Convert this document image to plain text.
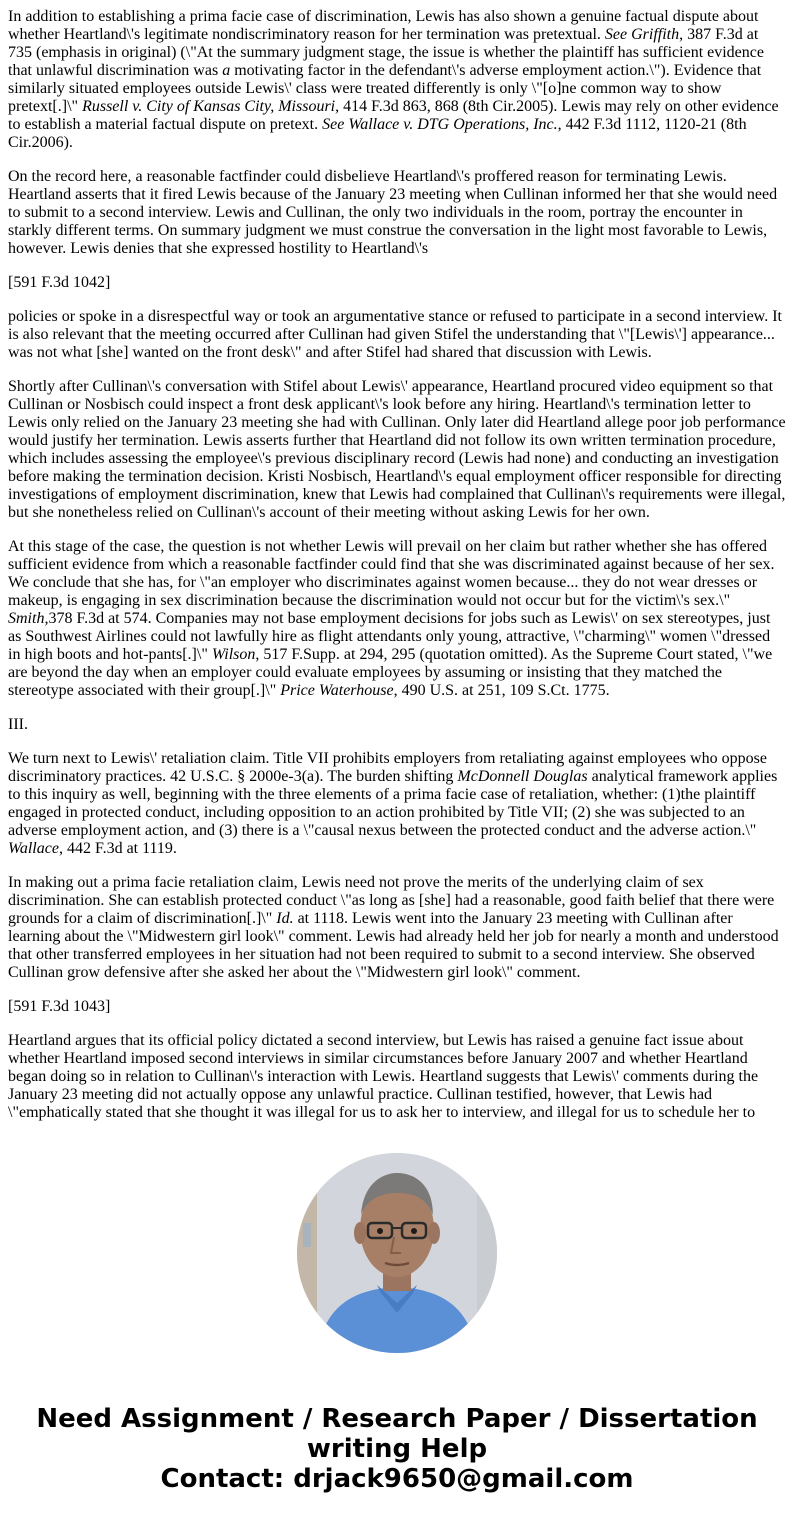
In addition to establishing a prima facie case of discrimination, Lewis has also shown a genuine factual dispute about whether Heartland\'s legitimate nondiscriminatory reason for her termination was pretextual. See Griffith, 387 F.3d at 735 (emphasis in original) (\"At the summary judgment stage, the issue is whether the plaintiff has sufficient evidence that unlawful discrimination was a motivating factor in the defendant\'s adverse employment action.\"). Evidence that similarly situated employees outside Lewis\' class were treated differently is only \"[o]ne common way to show pretext[.]\" Russell v. City of Kansas City, Missouri, 414 F.3d 863, 868 (8th Cir.2005). Lewis may rely on other evidence to establish a material factual dispute on pretext. See Wallace v. DTG Operations, Inc., 442 F.3d 1112, 1120-21 (8th Cir.2006).

On the record here, a reasonable factfinder could disbelieve Heartland\'s proffered reason for terminating Lewis. Heartland asserts that it fired Lewis because of the January 23 meeting when Cullinan informed her that she would need to submit to a second interview. Lewis and Cullinan, the only two individuals in the room, portray the encounter in starkly different terms. On summary judgment we must construe the conversation in the light most favorable to Lewis, however. Lewis denies that she expressed hostility to Heartland\'s

[591 F.3d 1042]

policies or spoke in a disrespectful way or took an argumentative stance or refused to participate in a second interview. It is also relevant that the meeting occurred after Cullinan had given Stifel the understanding that \"[Lewis\'] appearance... was not what [she] wanted on the front desk\" and after Stifel had shared that discussion with Lewis.

Shortly after Cullinan\'s conversation with Stifel about Lewis\' appearance, Heartland procured video equipment so that Cullinan or Nosbisch could inspect a front desk applicant\'s look before any hiring. Heartland\'s termination letter to Lewis only relied on the January 23 meeting she had with Cullinan. Only later did Heartland allege poor job performance would justify her termination. Lewis asserts further that Heartland did not follow its own written termination procedure, which includes assessing the employee\'s previous disciplinary record (Lewis had none) and conducting an investigation before making the termination decision. Kristi Nosbisch, Heartland\'s equal employment officer responsible for directing investigations of employment discrimination, knew that Lewis had complained that Cullinan\'s requirements were illegal, but she nonetheless relied on Cullinan\'s account of their meeting without asking Lewis for her own.

At this stage of the case, the question is not whether Lewis will prevail on her claim but rather whether she has offered sufficient evidence from which a reasonable factfinder could find that she was discriminated against because of her sex. We conclude that she has, for \"an employer who discriminates against women because... they do not wear dresses or makeup, is engaging in sex discrimination because the discrimination would not occur but for the victim\'s sex.\" Smith,378 F.3d at 574. Companies may not base employment decisions for jobs such as Lewis\' on sex stereotypes, just as Southwest Airlines could not lawfully hire as flight attendants only young, attractive, \"charming\" women \"dressed in high boots and hot-pants[.]\" Wilson, 517 F.Supp. at 294, 295 (quotation omitted). As the Supreme Court stated, \"we are beyond the day when an employer could evaluate employees by assuming or insisting that they matched the stereotype associated with their group[.]\" Price Waterhouse, 490 U.S. at 251, 109 S.Ct. 1775.

III.

We turn next to Lewis\' retaliation claim. Title VII prohibits employers from retaliating against employees who oppose discriminatory practices. 42 U.S.C. § 2000e-3(a). The burden shifting McDonnell Douglas analytical framework applies to this inquiry as well, beginning with the three elements of a prima facie case of retaliation, whether: (1)the plaintiff engaged in protected conduct, including opposition to an action prohibited by Title VII; (2) she was subjected to an adverse employment action, and (3) there is a \"causal nexus between the protected conduct and the adverse action.\" Wallace, 442 F.3d at 1119.

In making out a prima facie retaliation claim, Lewis need not prove the merits of the underlying claim of sex discrimination. She can establish protected conduct \"as long as [she] had a reasonable, good faith belief that there were grounds for a claim of discrimination[.]\" Id. at 1118. Lewis went into the January 23 meeting with Cullinan after learning about the \"Midwestern girl look\" comment. Lewis had already held her job for nearly a month and understood that other transferred employees in her situation had not been required to submit to a second interview. She observed Cullinan grow defensive after she asked her about the \"Midwestern girl look\" comment.

[591 F.3d 1043]

Heartland argues that its official policy dictated a second interview, but Lewis has raised a genuine fact issue about whether Heartland imposed second interviews in similar circumstances before January 2007 and whether Heartland began doing so in relation to Cullinan\'s interaction with Lewis. Heartland suggests that Lewis\' comments during the January 23 meeting did not actually oppose any unlawful practice. Cullinan testified, however, that Lewis had \"emphatically stated that she thought it was illegal for us to ask her to interview, and illegal for us to schedule her to

Need Assignment / Research Paper / Dissertation
writing Help
Contact: drjack9650@gmail.com
